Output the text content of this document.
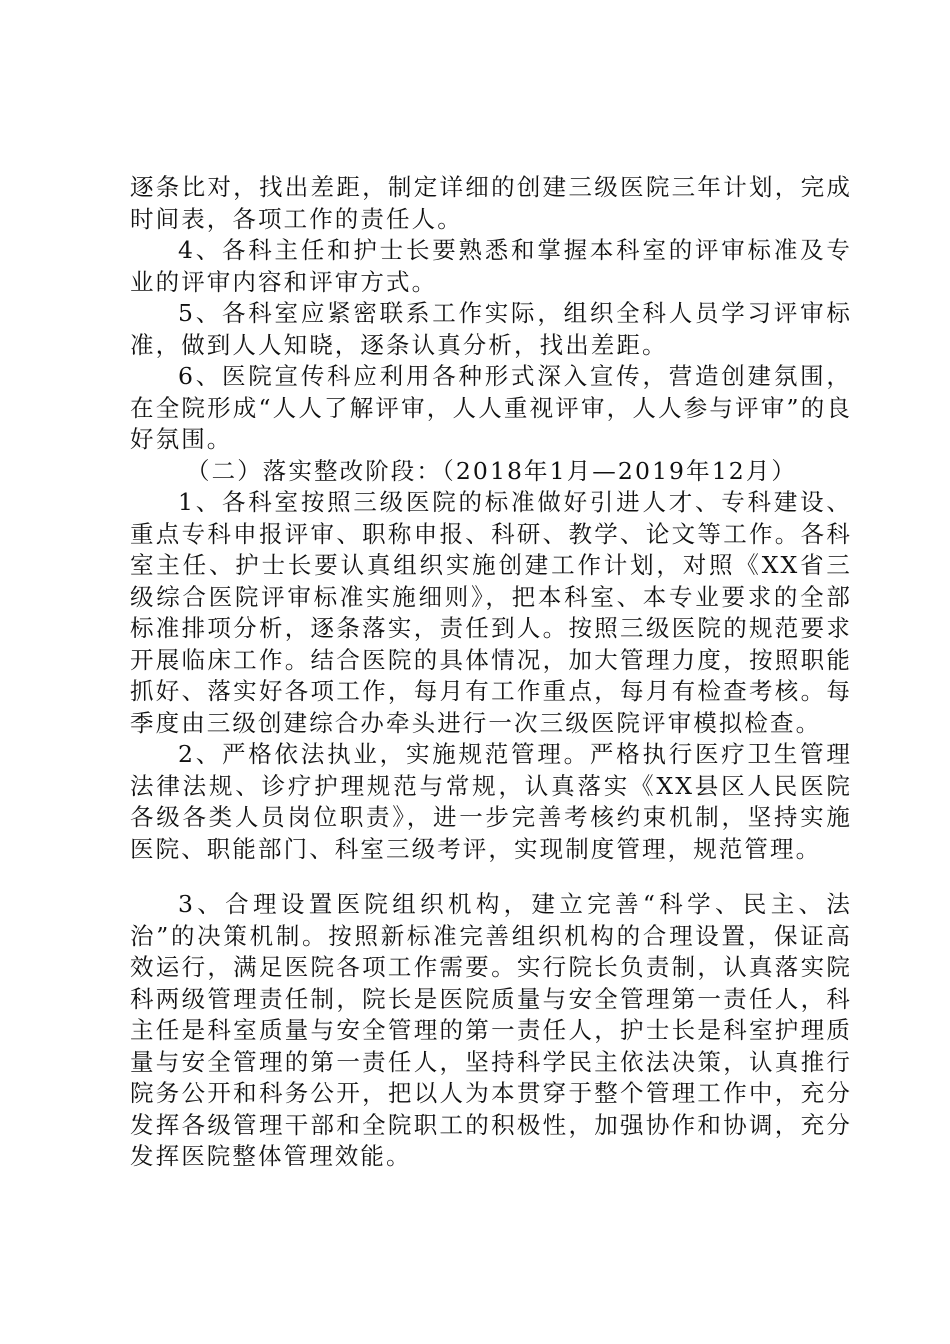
逐条比对，找出差距，制定详细的创建三级医院三年计划，完成时间表，各项工作的责任人。

4、各科主任和护士长要熟悉和掌握本科室的评审标准及专业的评审内容和评审方式。

5、各科室应紧密联系工作实际，组织全科人员学习评审标准，做到人人知晓，逐条认真分析，找出差距。

6、医院宣传科应利用各种形式深入宣传，营造创建氛围，在全院形成“人人了解评审，人人重视评审，人人参与评审”的良好氛围。

（二）落实整改阶段：（2018年1月—2019年12月）

1、各科室按照三级医院的标准做好引进人才、专科建设、重点专科申报评审、职称申报、科研、教学、论文等工作。各科室主任、护士长要认真组织实施创建工作计划，对照《XX省三级综合医院评审标准实施细则》，把本科室、本专业要求的全部标准排项分析，逐条落实，责任到人。按照三级医院的规范要求开展临床工作。结合医院的具体情况，加大管理力度，按照职能抓好、落实好各项工作，每月有工作重点，每月有检查考核。每季度由三级创建综合办牵头进行一次三级医院评审模拟检查。

2、严格依法执业，实施规范管理。严格执行医疗卫生管理法律法规、诊疗护理规范与常规，认真落实《XX县区人民医院各级各类人员岗位职责》，进一步完善考核约束机制，坚持实施医院、职能部门、科室三级考评，实现制度管理，规范管理。

3、合理设置医院组织机构，建立完善“科学、民主、法治”的决策机制。按照新标准完善组织机构的合理设置，保证高效运行，满足医院各项工作需要。实行院长负责制，认真落实院科两级管理责任制，院长是医院质量与安全管理第一责任人，科主任是科室质量与安全管理的第一责任人，护士长是科室护理质量与安全管理的第一责任人，坚持科学民主依法决策，认真推行院务公开和科务公开，把以人为本贯穿于整个管理工作中，充分发挥各级管理干部和全院职工的积极性，加强协作和协调，充分发挥医院整体管理效能。
